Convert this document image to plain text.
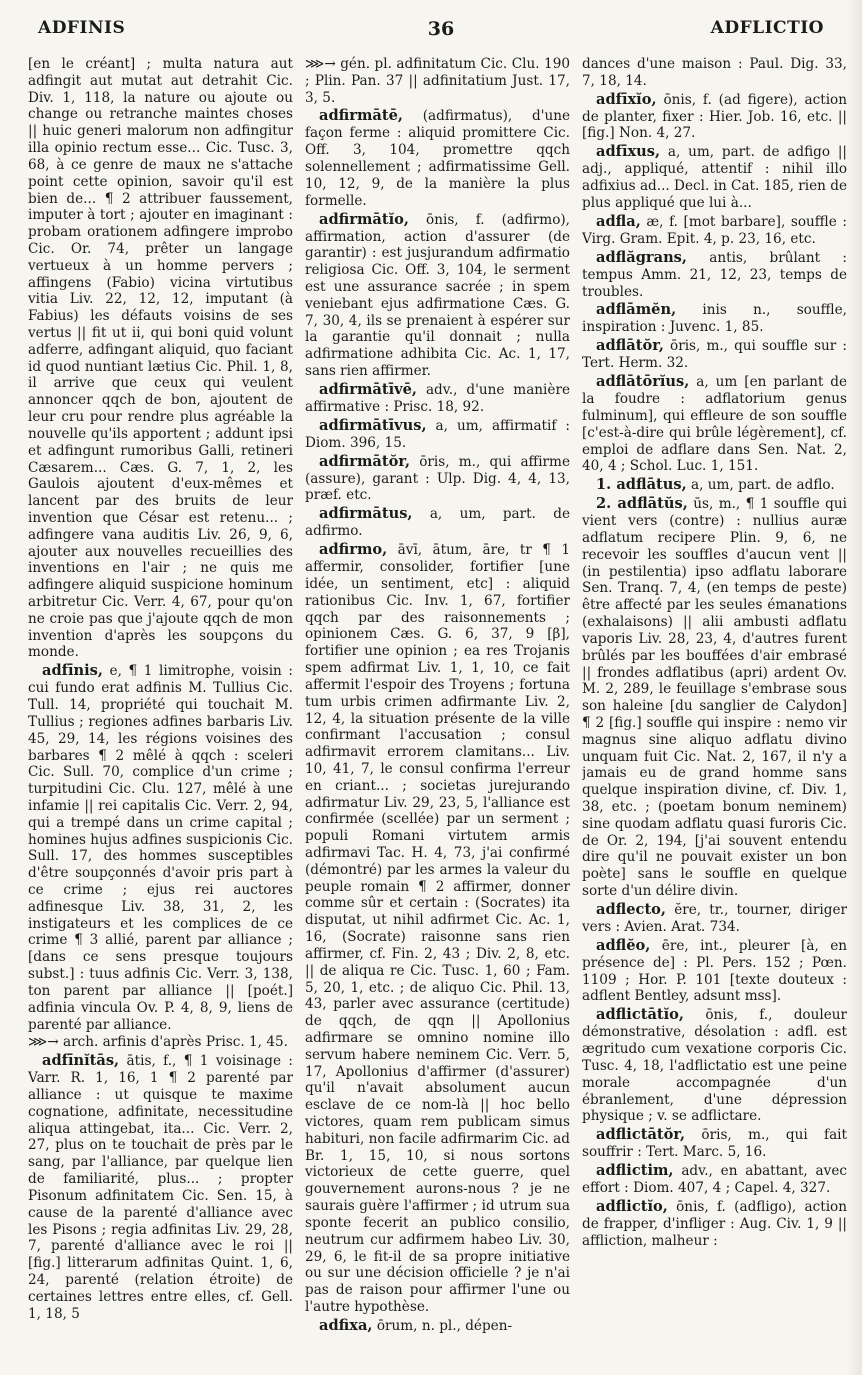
ADFINIS	36	ADFLICTIO

[en le créant] ; multa natura aut adfingit aut mutat aut detrahit Cic. Div. 1, 118, la nature ou ajoute ou change ou retranche maintes choses || huic generi malorum non adfingitur illa opinio rectum esse... Cic. Tusc. 3, 68, à ce genre de maux ne s'attache point cette opinion, savoir qu'il est bien de... ¶ 2 attribuer faussement, imputer à tort ; ajouter en imaginant : probam orationem adfingere improbo Cic. Or. 74, prêter un langage vertueux à un homme pervers ; affingens (Fabio) vicina virtutibus vitia Liv. 22, 12, 12, imputant (à Fabius) les défauts voisins de ses vertus || fit ut ii, qui boni quid volunt adferre, adfingant aliquid, quo faciant id quod nuntiant lætius Cic. Phil. 1, 8, il arrive que ceux qui veulent annoncer qqch de bon, ajoutent de leur cru pour rendre plus agréable la nouvelle qu'ils apportent ; addunt ipsi et adfingunt rumoribus Galli, retineri Cæsarem... Cæs. G. 7, 1, 2, les Gaulois ajoutent d'eux-mêmes et lancent par des bruits de leur invention que César est retenu... ; adfingere vana auditis Liv. 26, 9, 6, ajouter aux nouvelles recueillies des inventions en l'air ; ne quis me adfingere aliquid suspicione hominum arbitretur Cic. Verr. 4, 67, pour qu'on ne croie pas que j'ajoute qqch de mon invention d'après les soupçons du monde.

adfīnis, e, ¶ 1 limitrophe, voisin : cui fundo erat adfinis M. Tullius Cic. Tull. 14, propriété qui touchait M. Tullius ; regiones adfines barbaris Liv. 45, 29, 14, les régions voisines des barbares ¶ 2 mêlé à qqch : sceleri Cic. Sull. 70, complice d'un crime ; turpitudini Cic. Clu. 127, mêlé à une infamie || rei capitalis Cic. Verr. 2, 94, qui a trempé dans un crime capital ; homines hujus adfines suspicionis Cic. Sull. 17, des hommes susceptibles d'être soupçonnés d'avoir pris part à ce crime ; ejus rei auctores adfinesque Liv. 38, 31, 2, les instigateurs et les complices de ce crime ¶ 3 allié, parent par alliance ; [dans ce sens presque toujours subst.] : tuus adfinis Cic. Verr. 3, 138, ton parent par alliance || [poét.] adfinia vincula Ov. P. 4, 8, 9, liens de parenté par alliance.

⋙→ arch. arfinis d'après Prisc. 1, 45.

adfīnĭtās, ātis, f., ¶ 1 voisinage : Varr. R. 1, 16, 1 ¶ 2 parenté par alliance : ut quisque te maxime cognatione, adfinitate, necessitudine aliqua attingebat, ita... Cic. Verr. 2, 27, plus on te touchait de près par le sang, par l'alliance, par quelque lien de familiarité, plus... ; propter Pisonum adfinitatem Cic. Sen. 15, à cause de la parenté d'alliance avec les Pisons ; regia adfinitas Liv. 29, 28, 7, parenté d'alliance avec le roi || [fig.] litterarum adfinitas Quint. 1, 6, 24, parenté (relation étroite) de certaines lettres entre elles, cf. Gell. 1, 18, 5

⋙→ gén. pl. adfinitatum Cic. Clu. 190 ; Plin. Pan. 37 || adfinitatium Just. 17, 3, 5.

adfirmātē, (adfirmatus), d'une façon ferme : aliquid promittere Cic. Off. 3, 104, promettre qqch solennellement ; adfirmatissime Gell. 10, 12, 9, de la manière la plus formelle.

adfirmātĭo, ōnis, f. (adfirmo), affirmation, action d'assurer (de garantir) : est jusjurandum adfirmatio religiosa Cic. Off. 3, 104, le serment est une assurance sacrée ; in spem veniebant ejus adfirmatione Cæs. G. 7, 30, 4, ils se prenaient à espérer sur la garantie qu'il donnait ; nulla adfirmatione adhibita Cic. Ac. 1, 17, sans rien affirmer.

adfirmātīvē, adv., d'une manière affirmative : Prisc. 18, 92.

adfirmātīvus, a, um, affirmatif : Diom. 396, 15.

adfirmātŏr, ōris, m., qui affirme (assure), garant : Ulp. Dig. 4, 4, 13, præf. etc.

adfirmātus, a, um, part. de adfirmo.

adfirmo, āvī, ātum, āre, tr ¶ 1 affermir, consolider, fortifier [une idée, un sentiment, etc] : aliquid rationibus Cic. Inv. 1, 67, fortifier qqch par des raisonnements ; opinionem Cæs. G. 6, 37, 9 [β], fortifier une opinion ; ea res Trojanis spem adfirmat Liv. 1, 1, 10, ce fait affermit l'espoir des Troyens ; fortuna tum urbis crimen adfirmante Liv. 2, 12, 4, la situation présente de la ville confirmant l'accusation ; consul adfirmavit errorem clamitans... Liv. 10, 41, 7, le consul confirma l'erreur en criant... ; societas jurejurando adfirmatur Liv. 29, 23, 5, l'alliance est confirmée (scellée) par un serment ; populi Romani virtutem armis adfirmavi Tac. H. 4, 73, j'ai confirmé (démontré) par les armes la valeur du peuple romain ¶ 2 affirmer, donner comme sûr et certain : (Socrates) ita disputat, ut nihil adfirmet Cic. Ac. 1, 16, (Socrate) raisonne sans rien affirmer, cf. Fin. 2, 43 ; Div. 2, 8, etc. || de aliqua re Cic. Tusc. 1, 60 ; Fam. 5, 20, 1, etc. ; de aliquo Cic. Phil. 13, 43, parler avec assurance (certitude) de qqch, de qqn || Apollonius adfirmare se omnino nomine illo servum habere neminem Cic. Verr. 5, 17, Apollonius d'affirmer (d'assurer) qu'il n'avait absolument aucun esclave de ce nom-là || hoc bello victores, quam rem publicam simus habituri, non facile adfirmarim Cic. ad Br. 1, 15, 10, si nous sortons victorieux de cette guerre, quel gouvernement aurons-nous ? je ne saurais guère l'affirmer ; id utrum sua sponte fecerit an publico consilio, neutrum cur adfirmem habeo Liv. 30, 29, 6, le fit-il de sa propre initiative ou sur une décision officielle ? je n'ai pas de raison pour affirmer l'une ou l'autre hypothèse.

adfixa, ōrum, n. pl., dépen-

dances d'une maison : Paul. Dig. 33, 7, 18, 14.

adfīxĭo, ōnis, f. (ad figere), action de planter, fixer : Hier. Job. 16, etc. || [fig.] Non. 4, 27.

adfīxus, a, um, part. de adfigo || adj., appliqué, attentif : nihil illo adfixius ad... Decl. in Cat. 185, rien de plus appliqué que lui à...

adfla, æ, f. [mot barbare], souffle : Virg. Gram. Epit. 4, p. 23, 16, etc.

adflăgrans, antis, brûlant : tempus Amm. 21, 12, 23, temps de troubles.

adflāmĕn, inis n., souffle, inspiration : Juvenc. 1, 85.

adflātŏr, ōris, m., qui souffle sur : Tert. Herm. 32.

adflātōrĭus, a, um [en parlant de la foudre : adflatorium genus fulminum], qui effleure de son souffle [c'est-à-dire qui brûle légèrement], cf. emploi de adflare dans Sen. Nat. 2, 40, 4 ; Schol. Luc. 1, 151.

1. adflātus, a, um, part. de adflo.

2. adflātŭs, ūs, m., ¶ 1 souffle qui vient vers (contre) : nullius auræ adflatum recipere Plin. 9, 6, ne recevoir les souffles d'aucun vent || (in pestilentia) ipso adflatu laborare Sen. Tranq. 7, 4, (en temps de peste) être affecté par les seules émanations (exhalaisons) || alii ambusti adflatu vaporis Liv. 28, 23, 4, d'autres furent brûlés par les bouffées d'air embrasé || frondes adflatibus (apri) ardent Ov. M. 2, 289, le feuillage s'embrase sous son haleine [du sanglier de Calydon] ¶ 2 [fig.] souffle qui inspire : nemo vir magnus sine aliquo adflatu divino unquam fuit Cic. Nat. 2, 167, il n'y a jamais eu de grand homme sans quelque inspiration divine, cf. Div. 1, 38, etc. ; (poetam bonum neminem) sine quodam adflatu quasi furoris Cic. de Or. 2, 194, [j'ai souvent entendu dire qu'il ne pouvait exister un bon poète] sans le souffle en quelque sorte d'un délire divin.

adflecto, ĕre, tr., tourner, diriger vers : Avien. Arat. 734.

adflĕo, ēre, int., pleurer [à, en présence de] : Pl. Pers. 152 ; Pœn. 1109 ; Hor. P. 101 [texte douteux : adflent Bentley, adsunt mss].

adflictātĭo, ōnis, f., douleur démonstrative, désolation : adfl. est ægritudo cum vexatione corporis Cic. Tusc. 4, 18, l'adflictatio est une peine morale accompagnée d'un ébranlement, d'une dépression physique ; v. se adflictare.

adflictātŏr, ōris, m., qui fait souffrir : Tert. Marc. 5, 16.

adflictim, adv., en abattant, avec effort : Diom. 407, 4 ; Capel. 4, 327.

adflictĭo, ōnis, f. (adfligo), action de frapper, d'infliger : Aug. Civ. 1, 9 || affliction, malheur :
